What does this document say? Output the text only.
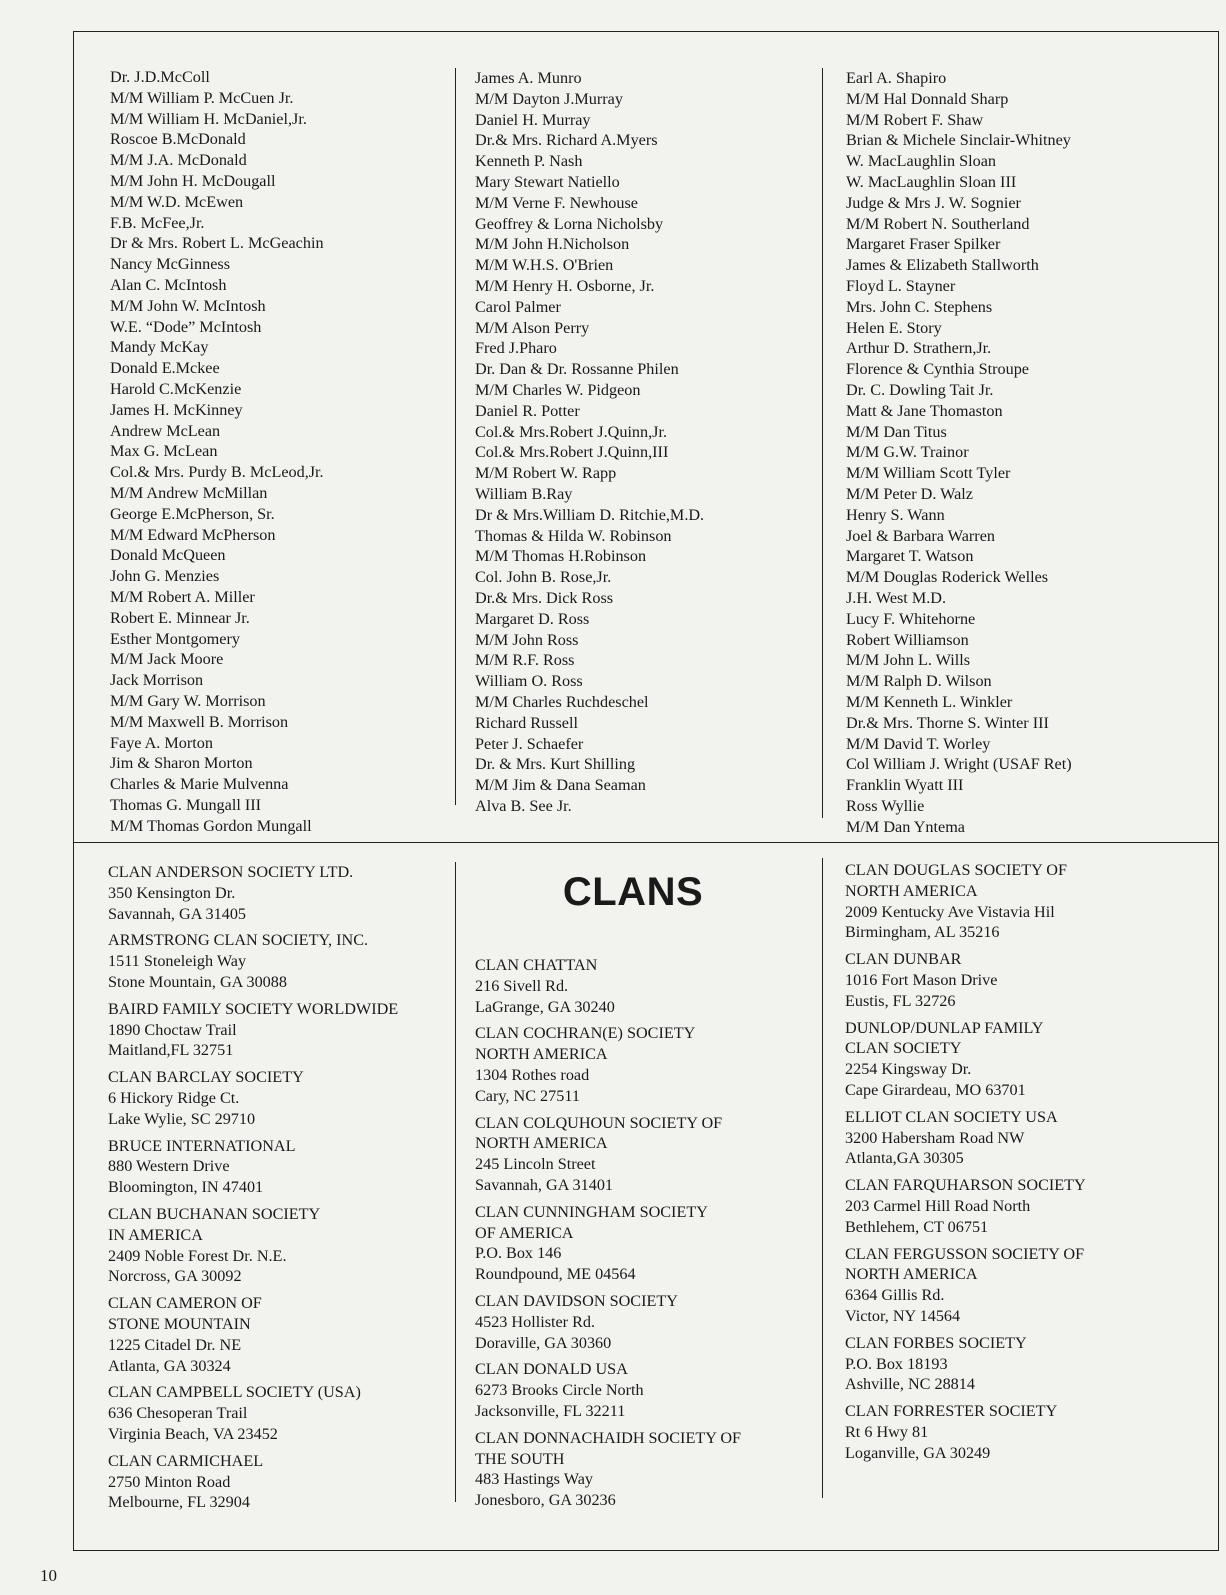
Dr. J.D.McColl
M/M William P. McCuen Jr.
M/M William H. McDaniel,Jr.
Roscoe B.McDonald
M/M J.A. McDonald
M/M John H. McDougall
M/M W.D. McEwen
F.B. McFee,Jr.
Dr & Mrs. Robert L. McGeachin
Nancy McGinness
Alan C. McIntosh
M/M John W. McIntosh
W.E. “Dode” McIntosh
Mandy McKay
Donald E.Mckee
Harold C.McKenzie
James H. McKinney
Andrew McLean
Max G. McLean
Col.& Mrs. Purdy B. McLeod,Jr.
M/M Andrew McMillan
George E.McPherson, Sr.
M/M Edward McPherson
Donald McQueen
John G. Menzies
M/M Robert A. Miller
Robert E. Minnear Jr.
Esther Montgomery
M/M Jack Moore
Jack Morrison
M/M Gary W. Morrison
M/M Maxwell B. Morrison
Faye A. Morton
Jim & Sharon Morton
Charles & Marie Mulvenna
Thomas G. Mungall III
M/M Thomas Gordon Mungall
James A. Munro
M/M Dayton J.Murray
Daniel H. Murray
Dr.& Mrs. Richard A.Myers
Kenneth P. Nash
Mary Stewart Natiello
M/M Verne F. Newhouse
Geoffrey & Lorna Nicholsby
M/M John H.Nicholson
M/M W.H.S. O'Brien
M/M Henry H. Osborne, Jr.
Carol Palmer
M/M Alson Perry
Fred J.Pharo
Dr. Dan & Dr. Rossanne Philen
M/M Charles W. Pidgeon
Daniel R. Potter
Col.& Mrs.Robert J.Quinn,Jr.
Col.& Mrs.Robert J.Quinn,III
M/M Robert W. Rapp
William B.Ray
Dr & Mrs.William D. Ritchie,M.D.
Thomas & Hilda W. Robinson
M/M Thomas H.Robinson
Col. John B. Rose,Jr.
Dr.& Mrs. Dick Ross
Margaret D. Ross
M/M John Ross
M/M R.F. Ross
William O. Ross
M/M Charles Ruchdeschel
Richard Russell
Peter J. Schaefer
Dr. & Mrs. Kurt Shilling
M/M Jim & Dana Seaman
Alva B. See Jr.
Earl A. Shapiro
M/M Hal Donnald Sharp
M/M Robert F. Shaw
Brian & Michele Sinclair-Whitney
W. MacLaughlin Sloan
W. MacLaughlin Sloan III
Judge & Mrs J. W. Sognier
M/M Robert N. Southerland
Margaret Fraser Spilker
James & Elizabeth Stallworth
Floyd L. Stayner
Mrs. John C. Stephens
Helen E. Story
Arthur D. Strathern,Jr.
Florence & Cynthia Stroupe
Dr. C. Dowling Tait Jr.
Matt & Jane Thomaston
M/M Dan Titus
M/M G.W. Trainor
M/M William Scott Tyler
M/M Peter D. Walz
Henry S. Wann
Joel & Barbara Warren
Margaret T. Watson
M/M Douglas Roderick Welles
J.H. West M.D.
Lucy F. Whitehorne
Robert Williamson
M/M John L. Wills
M/M Ralph D. Wilson
M/M Kenneth L. Winkler
Dr.& Mrs. Thorne S. Winter III
M/M David T. Worley
Col William J. Wright (USAF Ret)
Franklin Wyatt III
Ross Wyllie
M/M Dan Yntema
CLANS
CLAN ANDERSON SOCIETY LTD.
350 Kensington Dr.
Savannah, GA 31405
ARMSTRONG CLAN SOCIETY, INC.
1511 Stoneleigh Way
Stone Mountain, GA 30088
BAIRD FAMILY SOCIETY WORLDWIDE
1890 Choctaw Trail
Maitland,FL 32751
CLAN BARCLAY SOCIETY
6 Hickory Ridge Ct.
Lake Wylie, SC 29710
BRUCE INTERNATIONAL
880 Western Drive
Bloomington, IN 47401
CLAN BUCHANAN SOCIETY
IN AMERICA
2409 Noble Forest Dr. N.E.
Norcross, GA 30092
CLAN CAMERON OF
STONE MOUNTAIN
1225 Citadel Dr. NE
Atlanta, GA 30324
CLAN CAMPBELL SOCIETY (USA)
636 Chesoperan Trail
Virginia Beach, VA 23452
CLAN CARMICHAEL
2750 Minton Road
Melbourne, FL 32904
CLAN CHATTAN
216 Sivell Rd.
LaGrange, GA 30240
CLAN COCHRAN(E) SOCIETY
NORTH AMERICA
1304 Rothes road
Cary, NC 27511
CLAN COLQUHOUN SOCIETY OF
NORTH AMERICA
245 Lincoln Street
Savannah, GA 31401
CLAN CUNNINGHAM SOCIETY
OF AMERICA
P.O. Box 146
Roundpound, ME 04564
CLAN DAVIDSON SOCIETY
4523 Hollister Rd.
Doraville, GA 30360
CLAN DONALD USA
6273 Brooks Circle North
Jacksonville, FL 32211
CLAN DONNACHAIDH SOCIETY OF
THE SOUTH
483 Hastings Way
Jonesboro, GA 30236
CLAN DOUGLAS SOCIETY OF
NORTH AMERICA
2009 Kentucky Ave Vistavia Hil
Birmingham, AL 35216
CLAN DUNBAR
1016 Fort Mason Drive
Eustis, FL 32726
DUNLOP/DUNLAP FAMILY
CLAN SOCIETY
2254 Kingsway Dr.
Cape Girardeau, MO 63701
ELLIOT CLAN SOCIETY USA
3200 Habersham Road NW
Atlanta,GA 30305
CLAN FARQUHARSON SOCIETY
203 Carmel Hill Road North
Bethlehem, CT 06751
CLAN FERGUSSON SOCIETY OF
NORTH AMERICA
6364 Gillis Rd.
Victor, NY 14564
CLAN FORBES SOCIETY
P.O. Box 18193
Ashville, NC 28814
CLAN FORRESTER SOCIETY
Rt 6 Hwy 81
Loganville, GA 30249
10
